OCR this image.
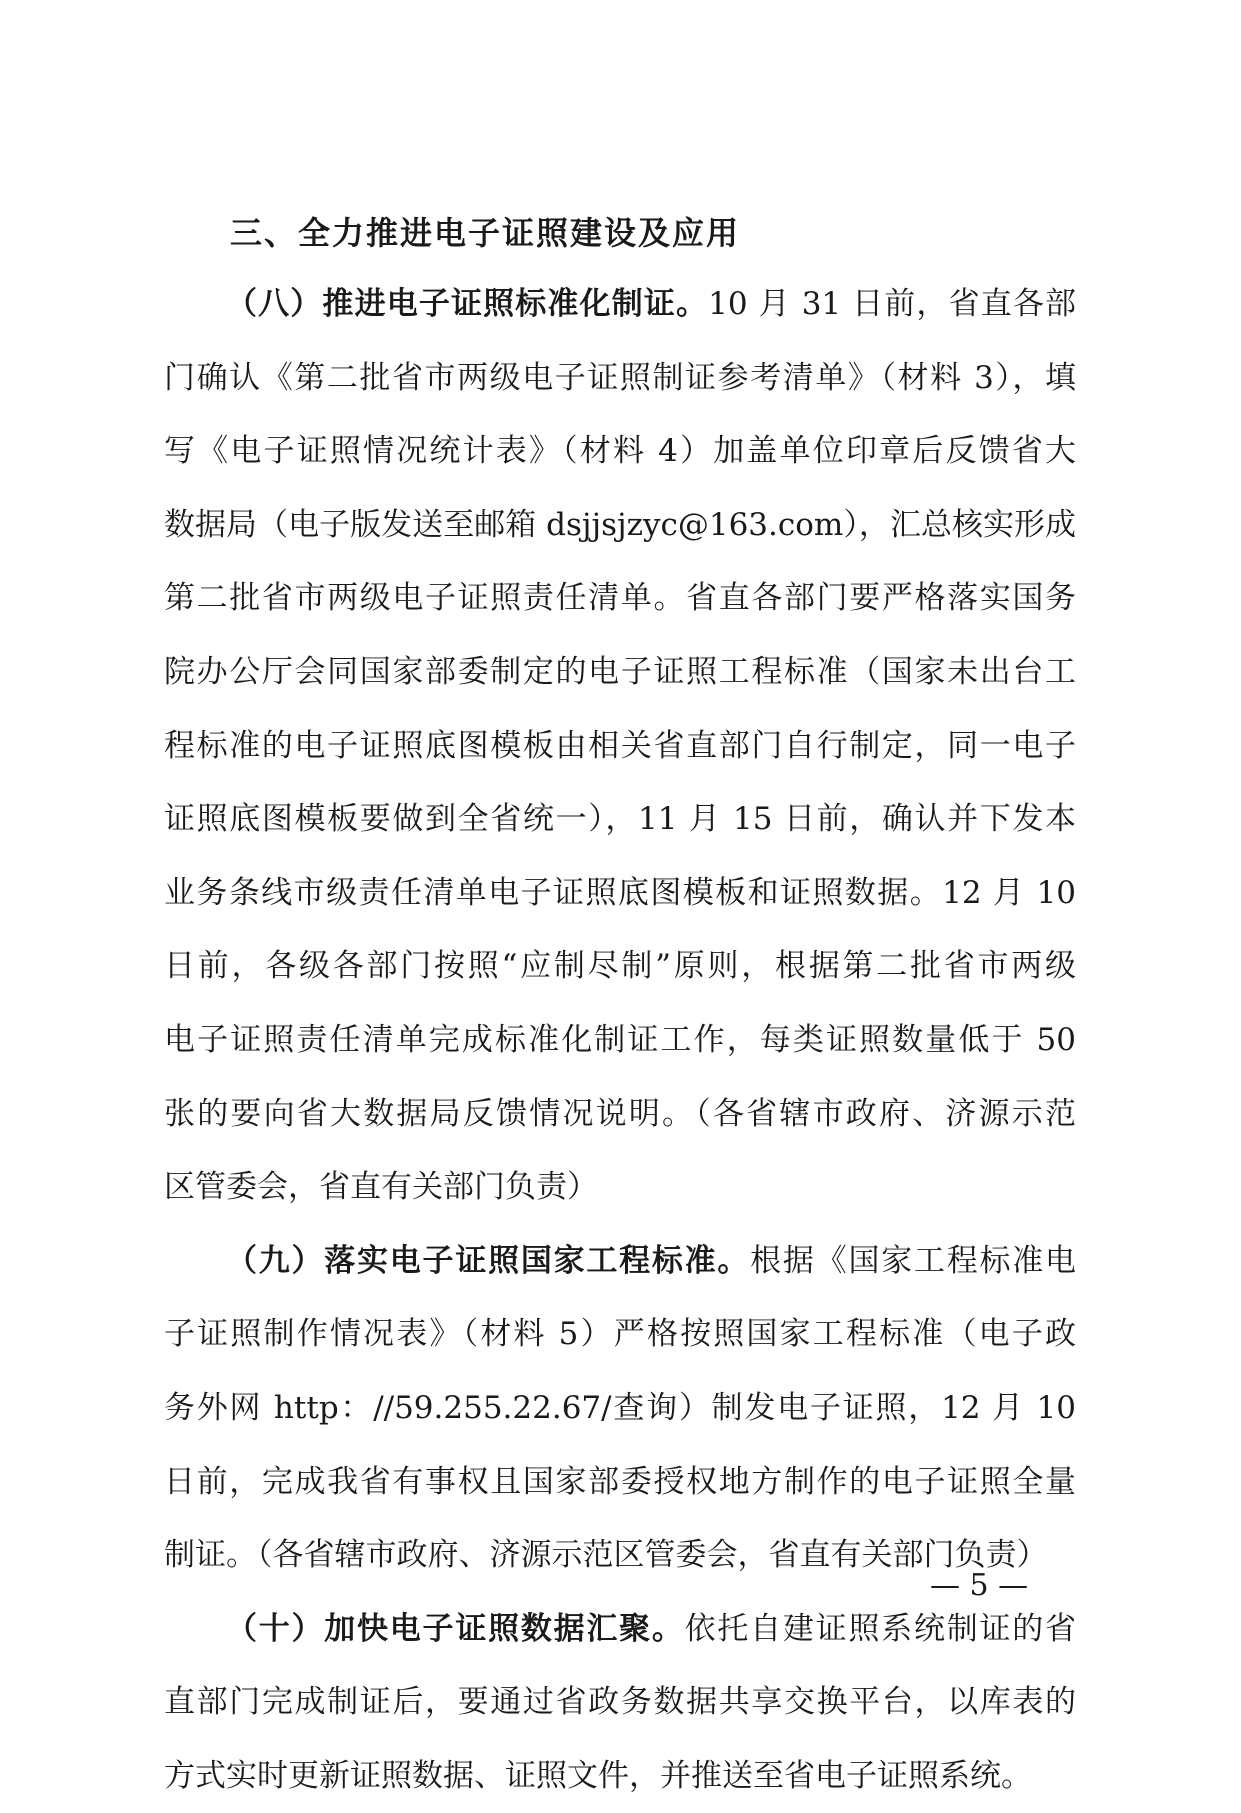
三、全力推进电子证照建设及应用
（八）推进电子证照标准化制证。10 月 31 日前，省直各部
门确认《第二批省市两级电子证照制证参考清单》（材料 3），填
写《电子证照情况统计表》（材料 4）加盖单位印章后反馈省大
数据局（电子版发送至邮箱 dsjjsjzyc@163.com），汇总核实形成
第二批省市两级电子证照责任清单。省直各部门要严格落实国务
院办公厅会同国家部委制定的电子证照工程标准（国家未出台工
程标准的电子证照底图模板由相关省直部门自行制定，同一电子
证照底图模板要做到全省统一），11 月 15 日前，确认并下发本
业务条线市级责任清单电子证照底图模板和证照数据。12 月 10
日前，各级各部门按照“应制尽制”原则，根据第二批省市两级
电子证照责任清单完成标准化制证工作，每类证照数量低于 50
张的要向省大数据局反馈情况说明。（各省辖市政府、济源示范
区管委会，省直有关部门负责）
（九）落实电子证照国家工程标准。根据《国家工程标准电
子证照制作情况表》（材料 5）严格按照国家工程标准（电子政
务外网 http：//59.255.22.67/查询）制发电子证照，12 月 10
日前，完成我省有事权且国家部委授权地方制作的电子证照全量
制证。（各省辖市政府、济源示范区管委会，省直有关部门负责）
（十）加快电子证照数据汇聚。依托自建证照系统制证的省
直部门完成制证后，要通过省政务数据共享交换平台，以库表的
方式实时更新证照数据、证照文件，并推送至省电子证照系统。
— 5 —
